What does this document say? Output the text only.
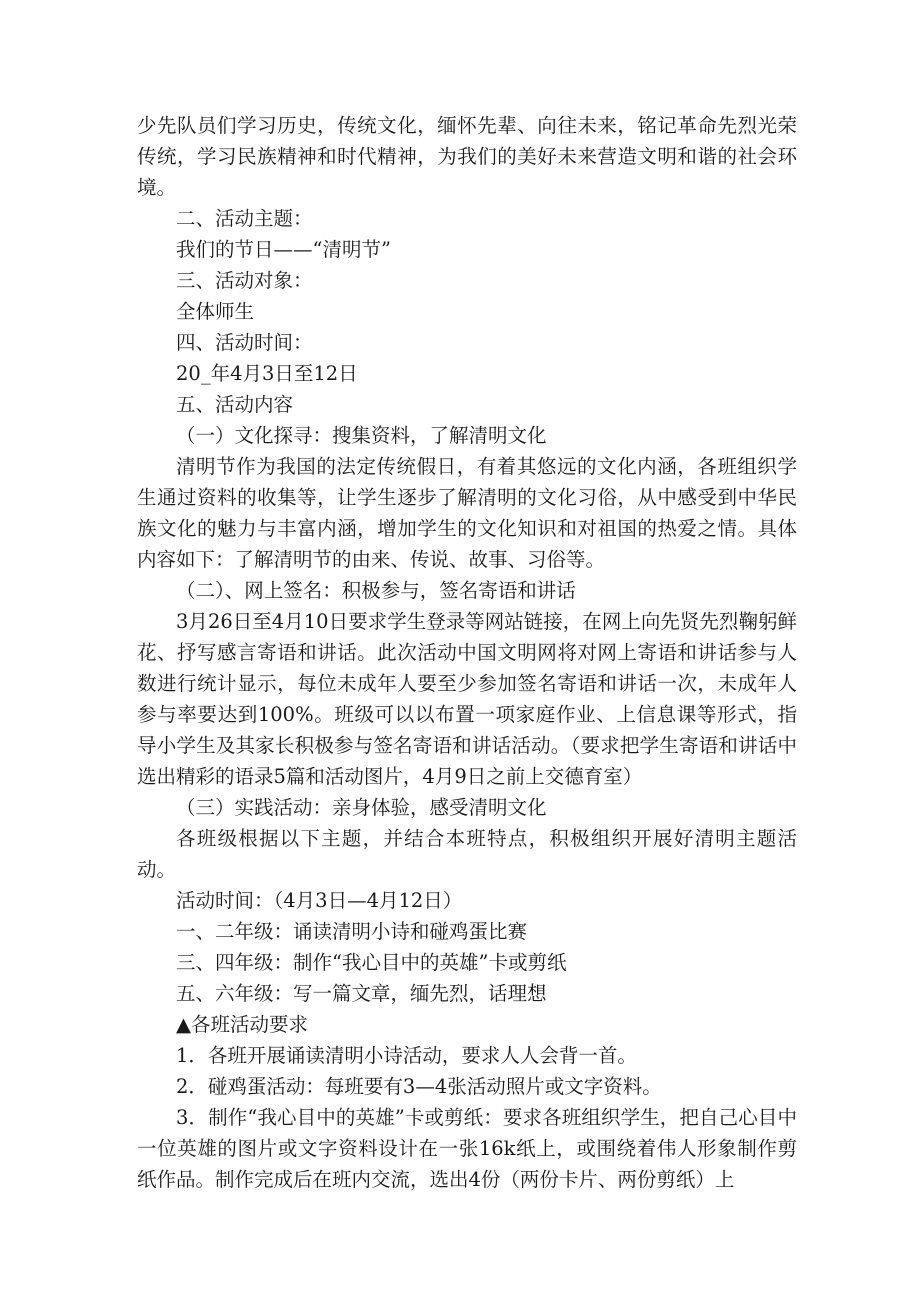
少先队员们学习历史，传统文化，缅怀先辈、向往未来，铭记革命先烈光荣传统，学习民族精神和时代精神，为我们的美好未来营造文明和谐的社会环境。

二、活动主题：

我们的节日——“清明节”

三、活动对象：

全体师生

四、活动时间：

20_年4月3日至12日

五、活动内容

（一）文化探寻：搜集资料，了解清明文化

清明节作为我国的法定传统假日，有着其悠远的文化内涵，各班组织学生通过资料的收集等，让学生逐步了解清明的文化习俗，从中感受到中华民族文化的魅力与丰富内涵，增加学生的文化知识和对祖国的热爱之情。具体内容如下：了解清明节的由来、传说、故事、习俗等。

（二）、网上签名：积极参与，签名寄语和讲话

3月26日至4月10日要求学生登录等网站链接，在网上向先贤先烈鞠躬鲜花、抒写感言寄语和讲话。此次活动中国文明网将对网上寄语和讲话参与人数进行统计显示，每位未成年人要至少参加签名寄语和讲话一次，未成年人参与率要达到100%。班级可以以布置一项家庭作业、上信息课等形式，指导小学生及其家长积极参与签名寄语和讲话活动。（要求把学生寄语和讲话中选出精彩的语录5篇和活动图片，4月9日之前上交德育室）

（三）实践活动：亲身体验，感受清明文化

各班级根据以下主题，并结合本班特点，积极组织开展好清明主题活动。

活动时间：（4月3日—4月12日）

一、二年级：诵读清明小诗和碰鸡蛋比赛

三、四年级：制作“我心目中的英雄”卡或剪纸

五、六年级：写一篇文章，缅先烈，话理想

▲各班活动要求

1．各班开展诵读清明小诗活动，要求人人会背一首。

2．碰鸡蛋活动：每班要有3—4张活动照片或文字资料。

3．制作“我心目中的英雄”卡或剪纸：要求各班组织学生，把自己心目中一位英雄的图片或文字资料设计在一张16k纸上，或围绕着伟人形象制作剪纸作品。制作完成后在班内交流，选出4份（两份卡片、两份剪纸）上
